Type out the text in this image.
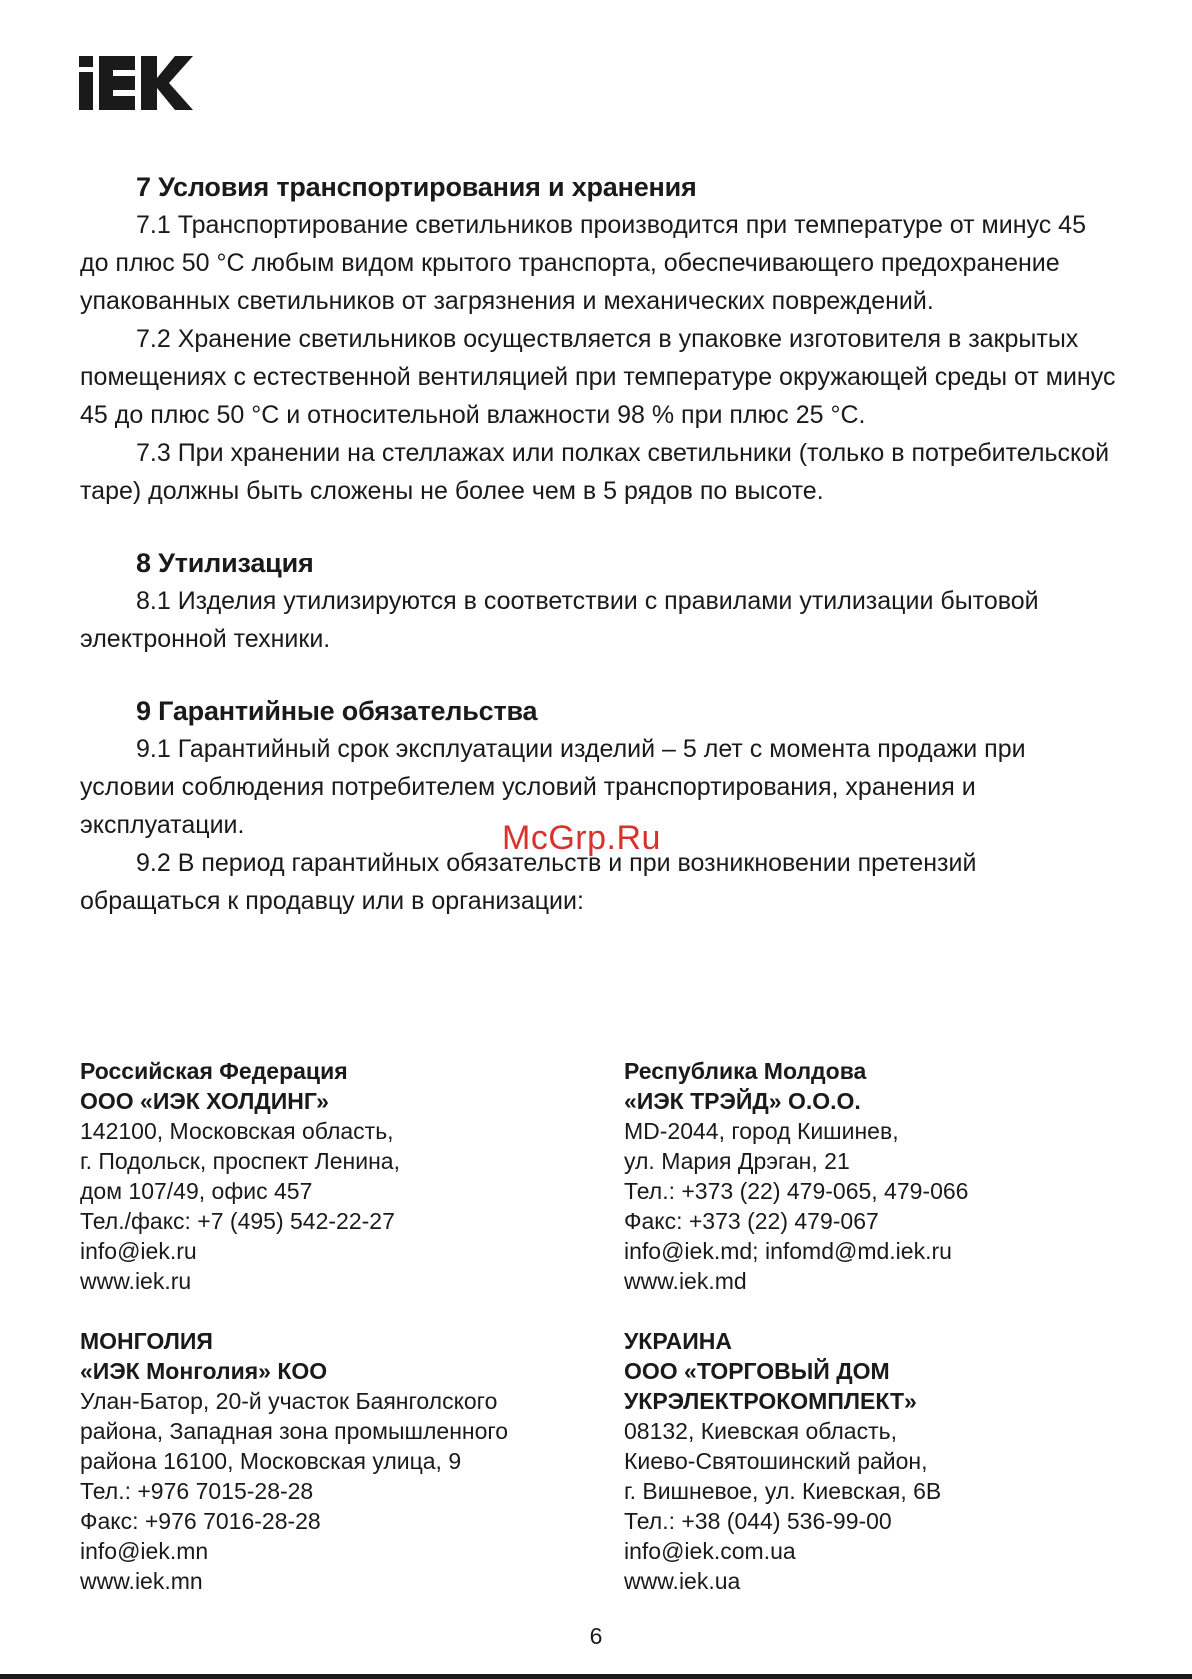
7 Условия транспортирования и хранения

7.1 Транспортирование светильников производится при температуре от минус 45 до плюс 50 °C любым видом крытого транспорта, обеспечивающего предохранение упакованных светильников от загрязнения и механических повреждений.

7.2 Хранение светильников осуществляется в упаковке изготовителя в закрытых помещениях с естественной вентиляцией при температуре окружающей среды от минус 45 до плюс 50 °C и относительной влажности 98 % при плюс 25 °C.

7.3 При хранении на стеллажах или полках светильники (только в потребительской таре) должны быть сложены не более чем в 5 рядов по высоте.

8 Утилизация

8.1 Изделия утилизируются в соответствии с правилами утилизации бытовой электронной техники.

9 Гарантийные обязательства

9.1 Гарантийный срок эксплуатации изделий – 5 лет с момента продажи при условии соблюдения потребителем условий транспортирования, хранения и эксплуатации.

9.2 В период гарантийных обязательств и при возникновении претензий обращаться к продавцу или в организации:

Российская Федерация
ООО «ИЭК ХОЛДИНГ»
142100, Московская область,
г. Подольск, проспект Ленина,
дом 107/49, офис 457
Тел./факс: +7 (495) 542-22-27
info@iek.ru
www.iek.ru
Республика Молдова
«ИЭК ТРЭЙД» О.О.О.
MD-2044, город Кишинев,
ул. Мария Дрэган, 21
Тел.: +373 (22) 479-065, 479-066
Факс: +373 (22) 479-067
info@iek.md; infomd@md.iek.ru
www.iek.md
МОНГОЛИЯ
«ИЭК Монголия» КОО
Улан-Батор, 20-й участок Баянголского
района, Западная зона промышленного
района 16100, Московская улица, 9
Тел.: +976 7015-28-28
Факс: +976 7016-28-28
info@iek.mn
www.iek.mn
УКРАИНА
ООО «ТОРГОВЫЙ ДОМ
УКРЭЛЕКТРОКОМПЛЕКТ»
08132, Киевская область,
Киево-Святошинский район,
г. Вишневое, ул. Киевская, 6В
Тел.: +38 (044) 536-99-00
info@iek.com.ua
www.iek.ua
McGrp.Ru
6
